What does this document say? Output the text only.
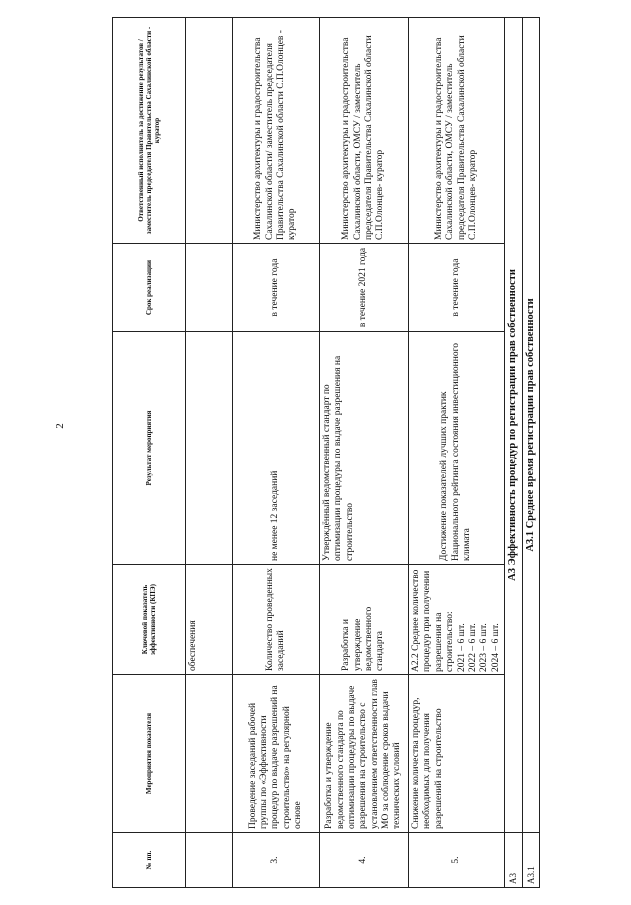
2
№ пп.	Мероприятия показателя	Ключевой показатель эффективности (КПЭ)	Результат мероприятия	Срок реализации	Ответственный исполнитель за достижение результатов / заместитель председателя Правительства Сахалинской области - куратор
		обеспечения			
3.	Проведение заседаний рабочей группы по «Эффективности процедур по выдаче разрешений на строительство» на регулярной основе	Количество проведенных заседаний	не менее 12 заседаний	в течение года	Министерство архитектуры и градостроительства Сахалинской области/ заместитель председателя Правительства Сахалинской области С.П.Олонцев - куратор
4.	Разработка и утверждение ведомственного стандарта по оптимизации процедуры по выдаче разрешения на строительство с установлением ответственности глав МО за соблюдение сроков выдачи технических условий	Разработка и утверждение ведомственного стандарта	Утверждённый ведомственный стандарт по оптимизации процедуры по выдаче разрешения на строительство	в течение 2021 года	Министерство архитектуры и градостроительства Сахалинской области, ОМСУ / заместитель председателя Правительства Сахалинской области С.П.Олонцев- куратор
5.	Снижение количества процедур, необходимых для получения разрешений на строительство	А2.2 Среднее количество процедур при получении разрешения на строительство: 2021 – 6 шт. 2022 – 6 шт. 2023 – 6 шт. 2024 – 6 шт.	Достижение показателей лучших практик Национального рейтинга состояния инвестиционного климата	в течение года	Министерство архитектуры и градостроительства Сахалинской области, ОМСУ / заместитель председателя Правительства Сахалинской области С.П.Олонцев- куратор
А3	А3 Эффективность процедур по регистрации прав собственности				
А3.1	А3.1 Среднее время регистрации прав собственности				
